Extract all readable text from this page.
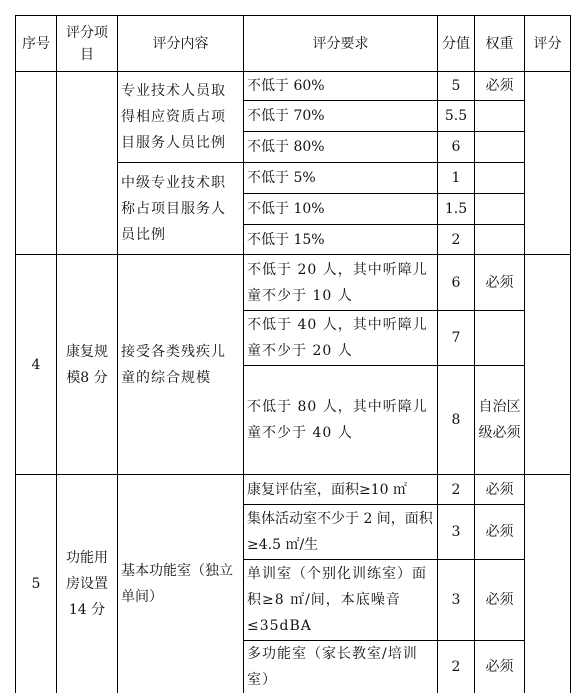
序号	评分项目	评分内容	评分要求	分值	权重	评分
		专业技术人员取得相应资质占项目服务人员比例	不低于 60%	5	必须	
			不低于 70%	5.5		
			不低于 80%	6		
		中级专业技术职称占项目服务人员比例	不低于 5%	1		
			不低于 10%	1.5		
			不低于 15%	2		
4	康复规模8 分	接受各类残疾儿童的综合规模	不低于 20 人，其中听障儿童不少于 10 人	6	必须	
			不低于 40 人，其中听障儿童不少于 20 人	7		
			不低于 80 人，其中听障儿童不少于 40 人	8	自治区级必须	
5	功能用房设置14 分	基本功能室（独立单间）	康复评估室，面积≥10 ㎡	2	必须	
			集体活动室不少于 2 间，面积≥4.5 ㎡/生	3	必须	
			单训室（个别化训练室）面积≥8 ㎡/间，本底噪音≤35dBA	3	必须	
			多功能室（家长教室/培训室）	2	必须	
